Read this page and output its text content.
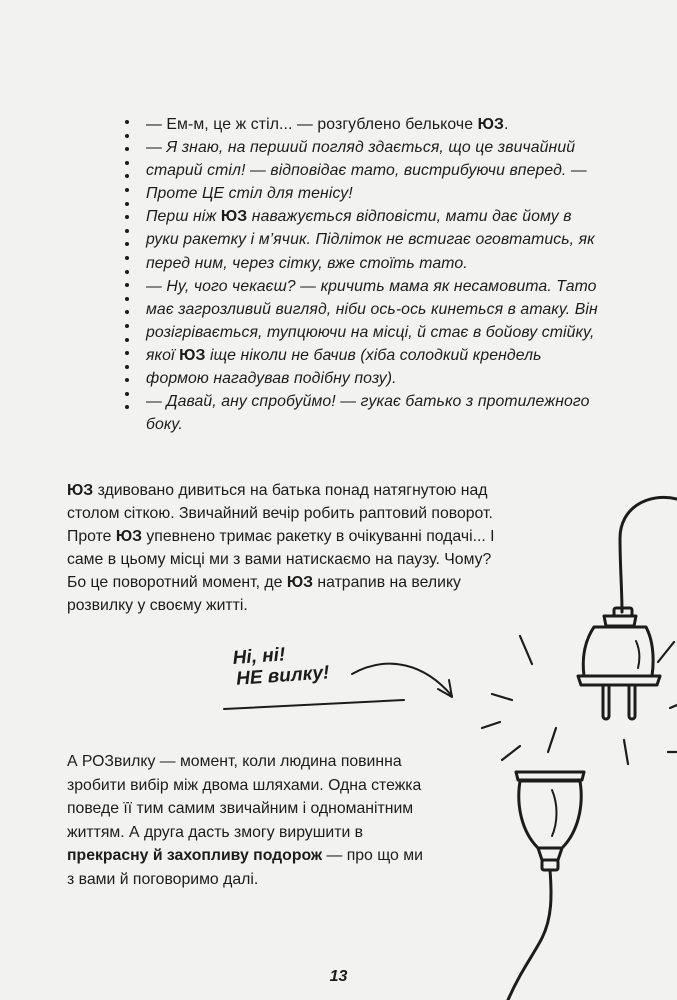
— Ем-м, це ж стіл... — розгублено белькоче ЮЗ.

— Я знаю, на перший погляд здається, що це звичайний старий стіл! — відповідає тато, вистрибуючи вперед. — Проте ЦЕ стіл для тенісу!

Перш ніж ЮЗ наважується відповісти, мати дає йому в руки ракетку і м’ячик. Підліток не встигає оговтатись, як перед ним, через сітку, вже стоїть тато.

— Ну, чого чекаєш? — кричить мама як несамовита. Тато має загрозливий вигляд, ніби ось-ось кинеться в атаку. Він розігрівається, тупцюючи на місці, й стає в бойову стійку, якої ЮЗ іще ніколи не бачив (хіба солодкий крендель формою нагадував подібну позу).

— Давай, ану спробуймо! — гукає батько з протилежного боку.

ЮЗ здивовано дивиться на батька понад натягнутою над столом сіткою. Звичайний вечір робить раптовий поворот. Проте ЮЗ упевнено тримає ракетку в очікуванні подачі... І саме в цьому місці ми з вами натискаємо на паузу. Чому? Бо це поворотний момент, де ЮЗ натрапив на велику розвилку у своєму житті.

Ні, ні!
НЕ вилку!

А РОЗвилку — момент, коли людина повинна зробити вибір між двома шляхами. Одна стежка поведе її тим самим звичайним і одноманітним життям. А друга дасть змогу вирушити в прекрасну й захопливу подорож — про що ми з вами й поговоримо далі.

13
